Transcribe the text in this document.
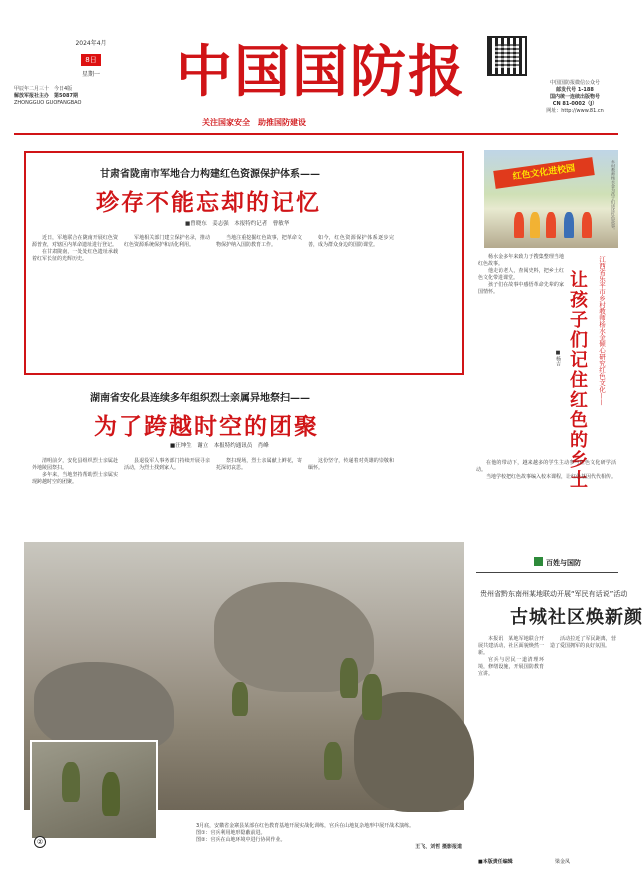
2024年4月
8日
星期一
甲辰年二月三十　 今日4版
解放军报社主办　 第5087期
ZHONGGUO GUOFANGBAO	中国国防报
关注国家安全　助推国防建设
中国国防报微信公众号
邮发代号 1-188
国内统一连续出版物号
CN 81-0002（J）
网址：http://www.81.cn
甘肃省陇南市军地合力构建红色资源保护体系——
珍存不能忘却的记忆
■曾晓东　姜志强　本报特约记者　曹敏华

近日，军地联合在陇南开展红色资源普查，对辖区内革命遗址进行登记。

在甘肃陇南，一处处红色遗址承载着红军长征的光辉历史。

军地相关部门建立保护名录，推动红色资源系统保护和活化利用。

当地注重挖掘红色故事，把革命文物保护纳入国防教育工作。

如今，红色资源保护体系逐步完善，成为群众身边的国防课堂。

湖南省安化县连续多年组织烈士亲属异地祭扫——
为了跨越时空的团聚
■汪坤生　谢立　本报特约通讯员　肖峰

清明前夕，安化县组织烈士亲属赴外地陵园祭扫。

多年来，当地坚持帮助烈士亲属实现跨越时空的团聚。

县退役军人事务部门持续开展寻亲活动，为烈士找到家人。

祭扫现场，烈士亲属献上鲜花，寄托深切哀思。

这份坚守，传递着对英雄的崇敬和缅怀。

②
3月底，安徽省金寨县某部在红色教育基地开展实战化训练，官兵在山地复杂地形中展开战术演练。
图①：官兵利用地形隐蔽前进。
图②：官兵在山地环境中进行协同作业。
王飞、刘哲 摄影报道
红色文化进校园	乡村教师杨水金为孩子们讲述红色故事。

杨水金多年来致力于搜集整理当地红色故事。

他走访老人，查阅史料，把乡土红色文化带进课堂。

孩子们在故事中感悟革命先辈的家国情怀。

■杨吉 让孩子们记住红色的乡土	江西省乐平市乡村教师杨水金倾心研究红色文化——

在他的带动下，越来越多的学生主动参与红色文化研学活动。

当地学校把红色故事编入校本课程，让红色基因代代相传。

百姓与国防
贵州省黔东南州某地联动开展“军民有话说”活动
古城社区焕新颜

本报讯　某地军地联合开展共建活动，社区面貌焕然一新。

官兵与居民一道清理环境，修缮设施，开展国防教育宣讲。

活动拉近了军民距离，营造了爱国拥军的良好氛围。

■本版责任编辑	梁金凤
